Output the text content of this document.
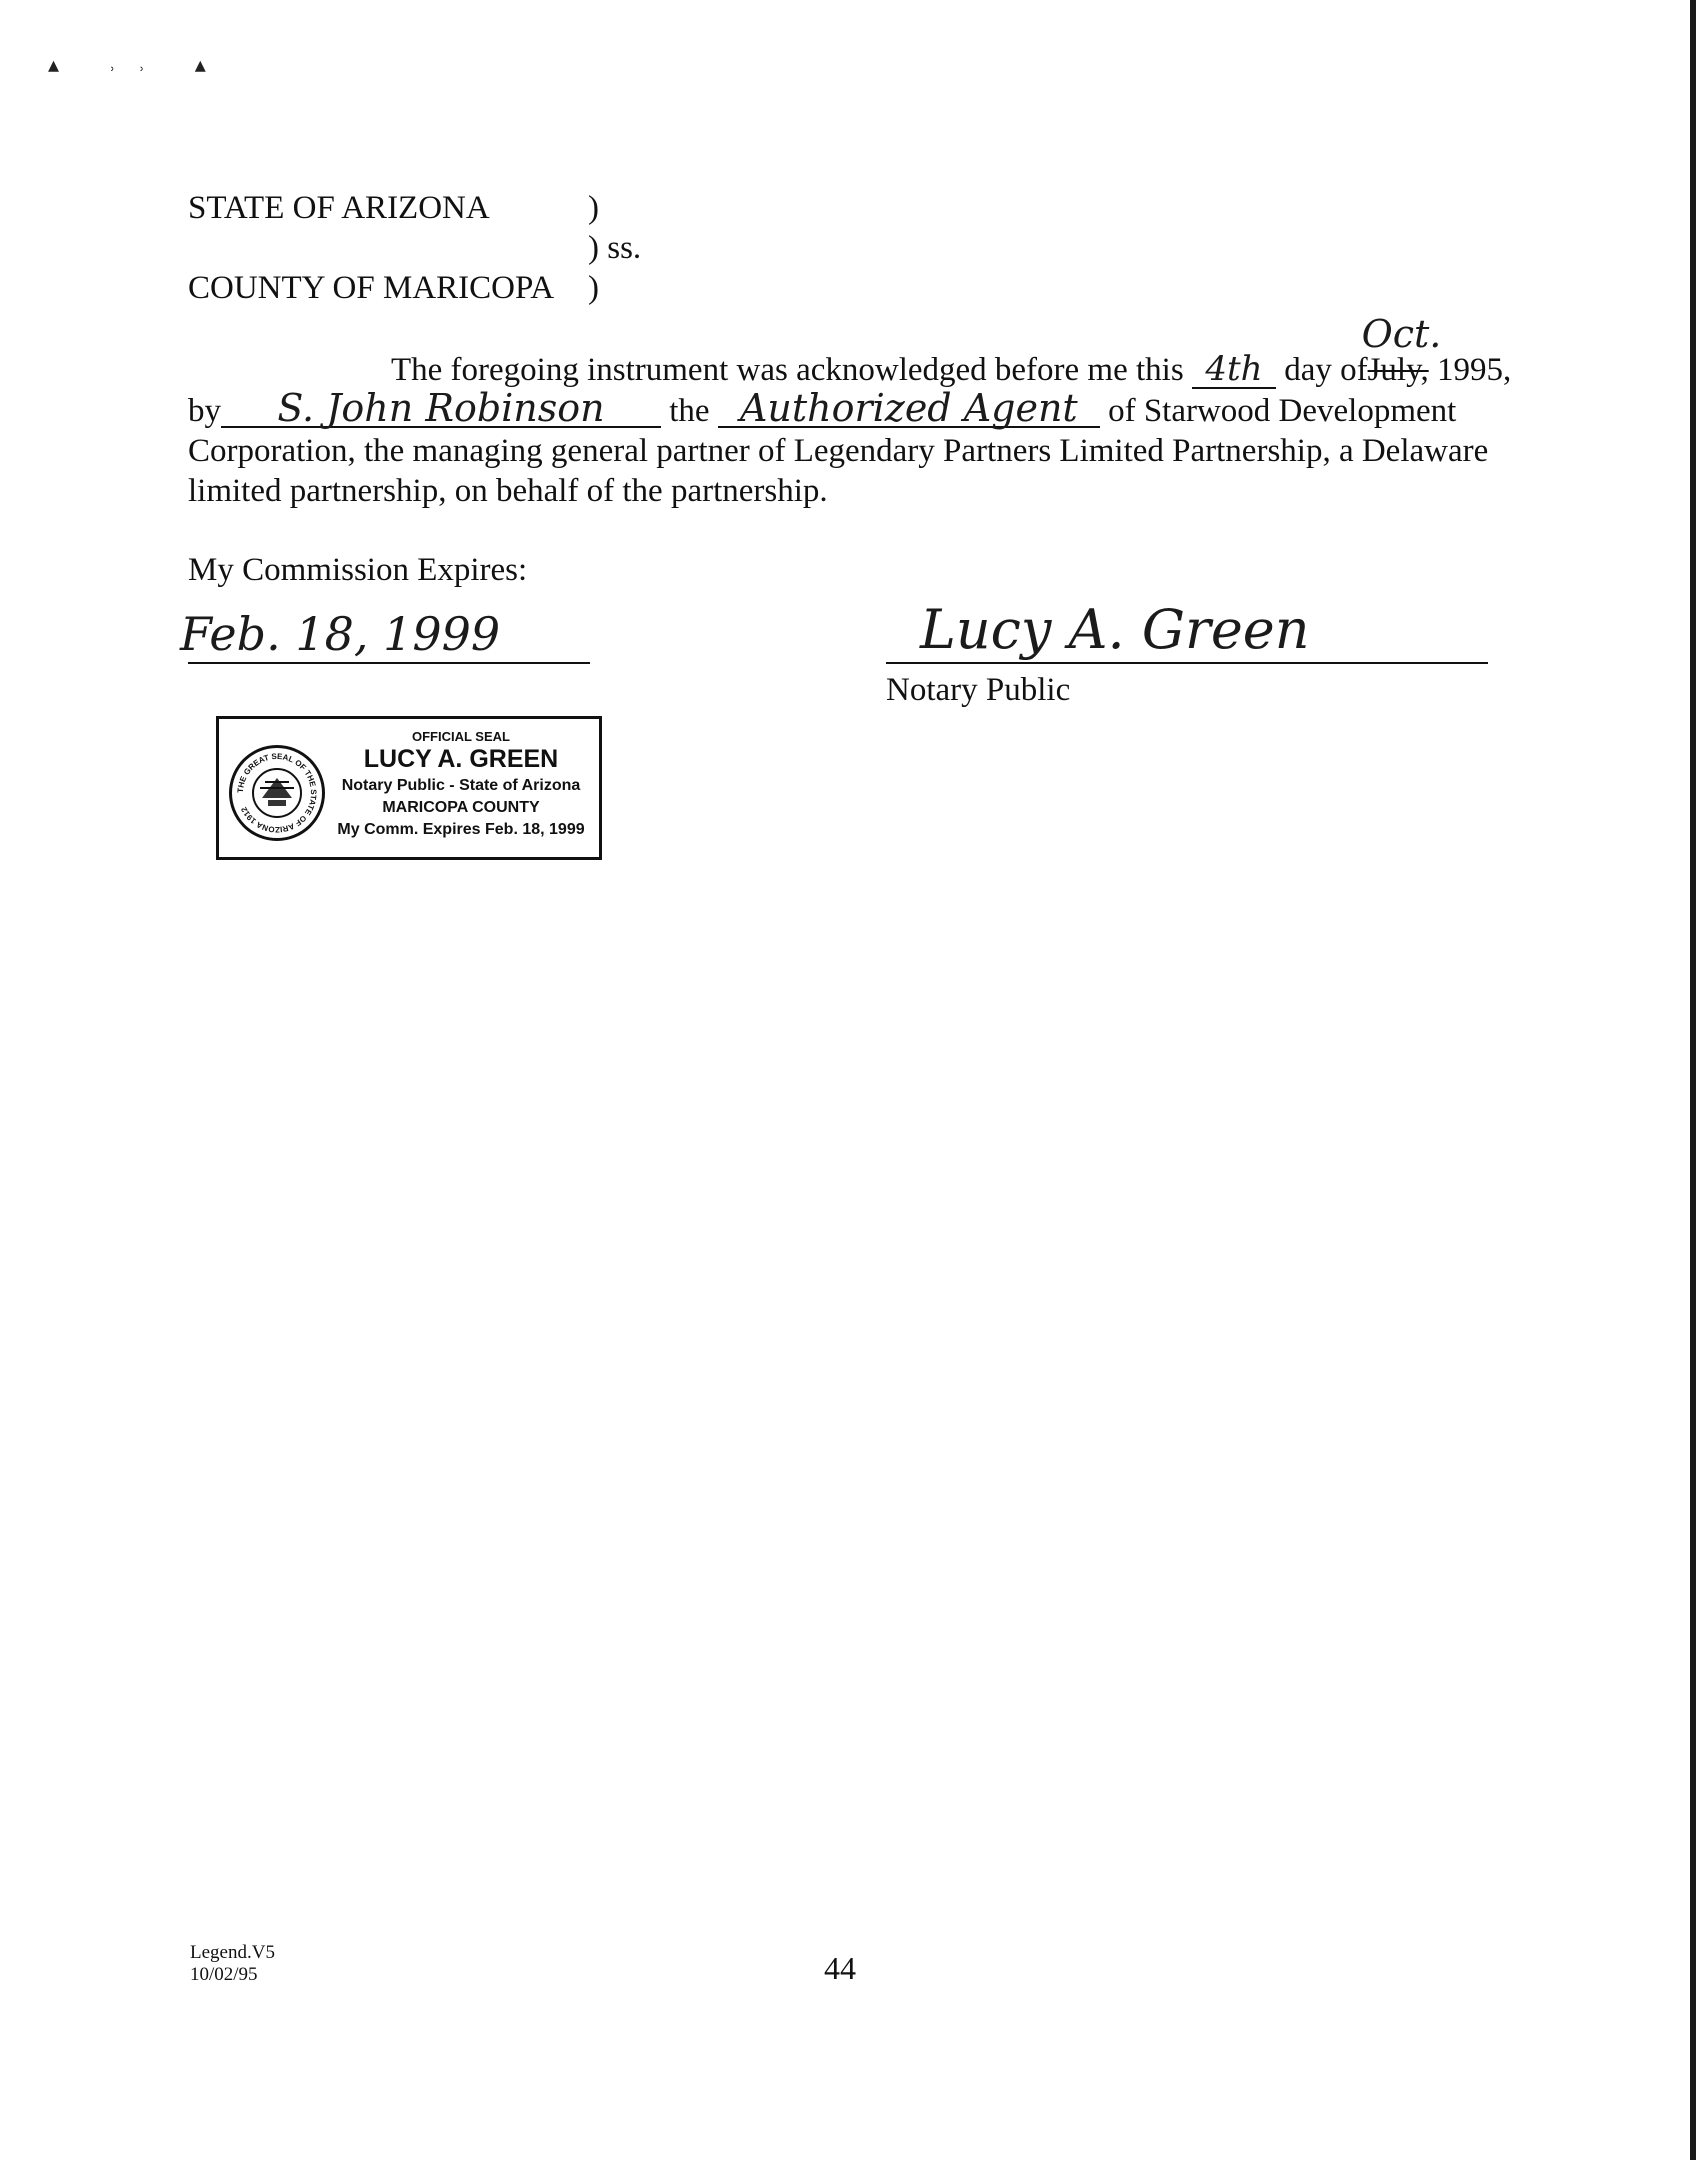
▴ ˒˒ ▴
STATE OF ARIZONA	)
) ss.
COUNTY OF MARICOPA )
The foregoing instrument was acknowledged before me this 4th day of
Oct.
July, 1995,
by S. John Robinson the Authorized Agent of Starwood Development
Corporation, the managing general partner of Legendary Partners Limited Partnership, a Delaware
limited partnership, on behalf of the partnership.
My Commission Expires:
Feb. 18, 1999	Lucy A. Green
Notary Public
THE GREAT SEAL OF THE STATE OF ARIZONA 1912
OFFICIAL SEAL
LUCY A. GREEN
Notary Public - State of Arizona
MARICOPA COUNTY
My Comm. Expires Feb. 18, 1999
Legend.V5
10/02/95	44
